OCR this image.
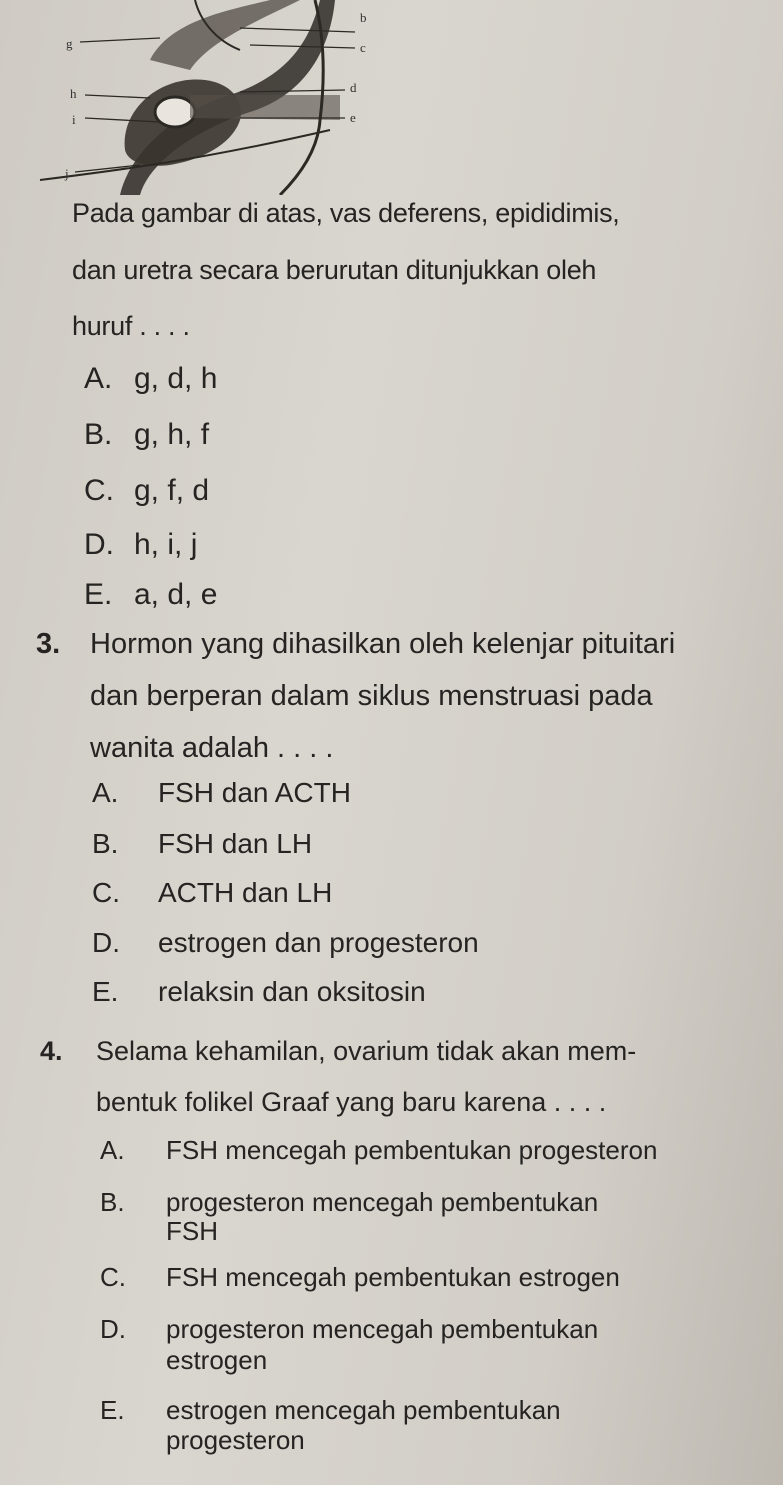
g
h
i
j
b
c
d
e
Pada gambar di atas, vas deferens, epididimis,
dan uretra secara berurutan ditunjukkan oleh
huruf . . . .
A. g, d, h
B. g, h, f
C. g, f, d
D. h, i, j
E. a, d, e
3. Hormon yang dihasilkan oleh kelenjar pituitari
dan berperan dalam siklus menstruasi pada
wanita adalah . . . .
A. FSH dan ACTH
B. FSH dan LH
C. ACTH dan LH
D. estrogen dan progesteron
E. relaksin dan oksitosin
4. Selama kehamilan, ovarium tidak akan mem-
bentuk folikel Graaf yang baru karena . . . .
A. FSH mencegah pembentukan progesteron
B. progesteron mencegah pembentukan
FSH
C. FSH mencegah pembentukan estrogen
D. progesteron mencegah pembentukan
estrogen
E. estrogen mencegah pembentukan
progesteron
